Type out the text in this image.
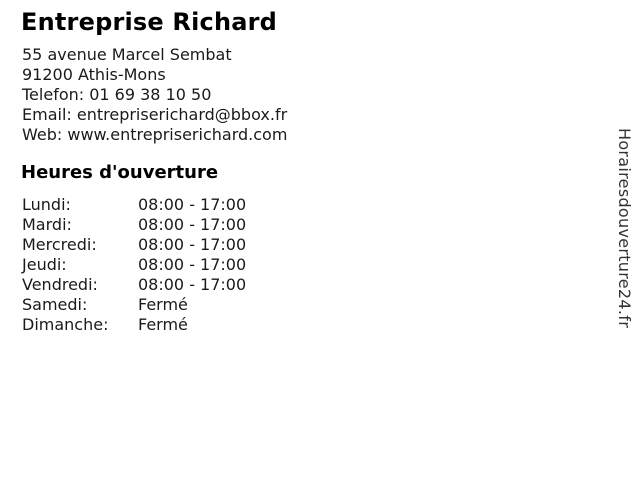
Entreprise Richard
55 avenue Marcel Sembat
91200 Athis-Mons
Telefon: 01 69 38 10 50
Email: entrepriserichard@bbox.fr
Web: www.entrepriserichard.com
Heures d'ouverture
Lundi:	08:00 - 17:00
Mardi:	08:00 - 17:00
Mercredi:	08:00 - 17:00
Jeudi:	08:00 - 17:00
Vendredi:	08:00 - 17:00
Samedi:	Fermé
Dimanche:	Fermé	Horairesdouverture24.fr
